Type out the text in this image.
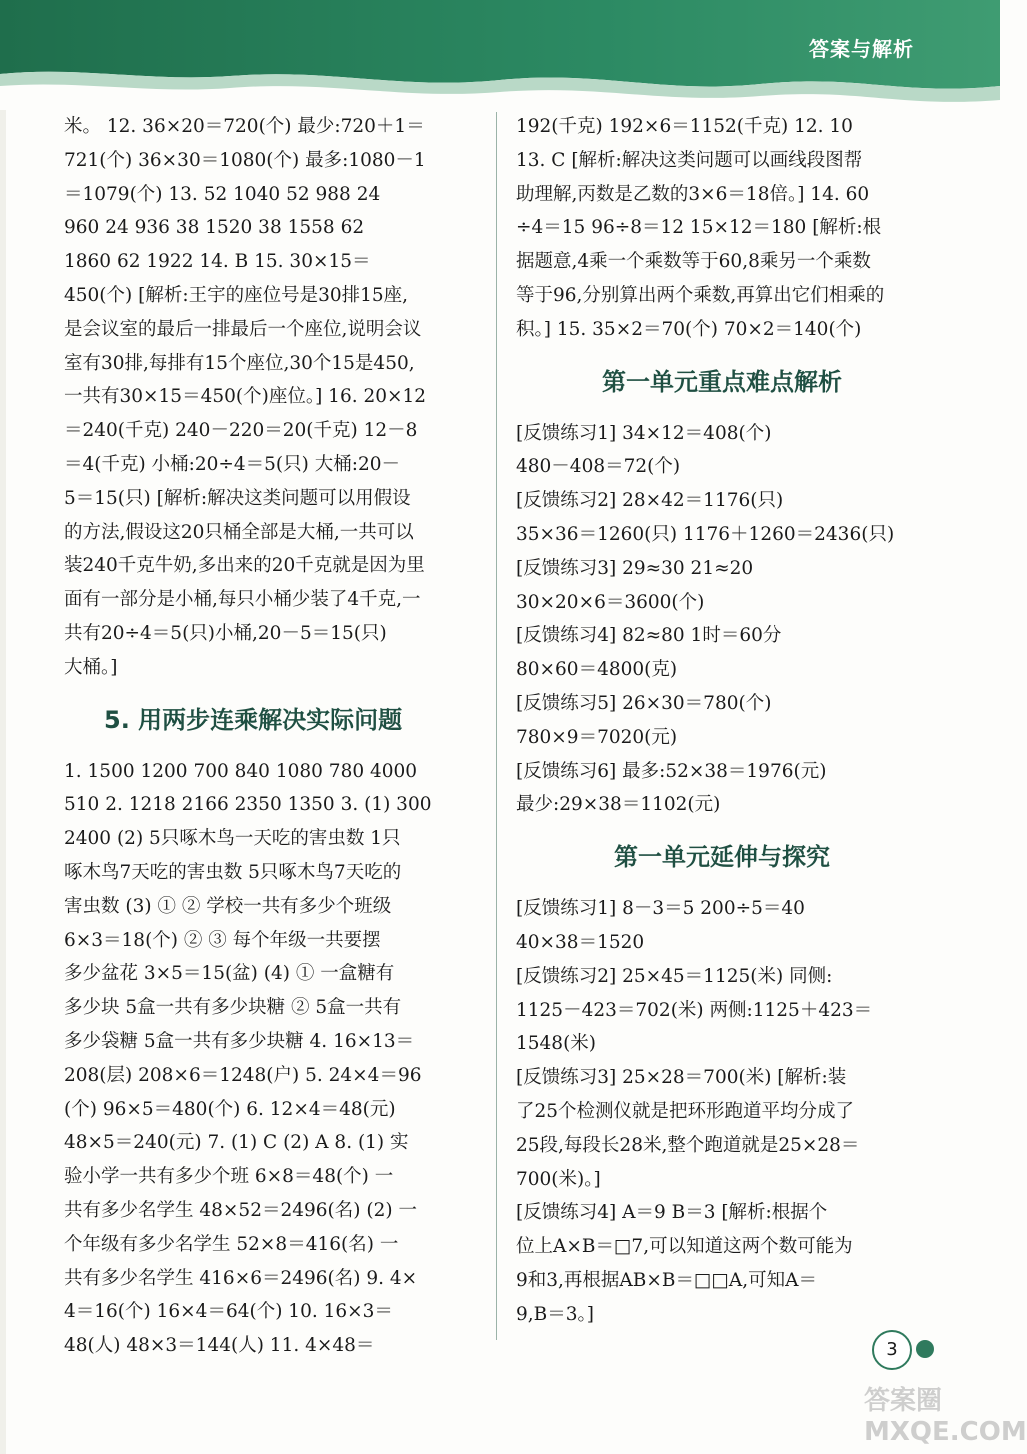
答案与解析
米。 12. 36×20＝720(个) 最少:720＋1＝
721(个) 36×30＝1080(个) 最多:1080－1
＝1079(个) 13. 52 1040 52 988 24
960 24 936 38 1520 38 1558 62
1860 62 1922 14. B 15. 30×15＝
450(个) [解析:王宇的座位号是30排15座,
是会议室的最后一排最后一个座位,说明会议
室有30排,每排有15个座位,30个15是450,
一共有30×15＝450(个)座位。] 16. 20×12
＝240(千克) 240－220＝20(千克) 12－8
＝4(千克) 小桶:20÷4＝5(只) 大桶:20－
5＝15(只) [解析:解决这类问题可以用假设
的方法,假设这20只桶全部是大桶,一共可以
装240千克牛奶,多出来的20千克就是因为里
面有一部分是小桶,每只小桶少装了4千克,一
共有20÷4＝5(只)小桶,20－5＝15(只)
大桶。]
5. 用两步连乘解决实际问题
1. 1500 1200 700 840 1080 780 4000
510 2. 1218 2166 2350 1350 3. (1) 300
2400 (2) 5只啄木鸟一天吃的害虫数 1只
啄木鸟7天吃的害虫数 5只啄木鸟7天吃的
害虫数 (3) ① ② 学校一共有多少个班级
6×3＝18(个) ② ③ 每个年级一共要摆
多少盆花 3×5＝15(盆) (4) ① 一盒糖有
多少块 5盒一共有多少块糖 ② 5盒一共有
多少袋糖 5盒一共有多少块糖 4. 16×13＝
208(层) 208×6＝1248(户) 5. 24×4＝96
(个) 96×5＝480(个) 6. 12×4＝48(元)
48×5＝240(元) 7. (1) C (2) A 8. (1) 实
验小学一共有多少个班 6×8＝48(个) 一
共有多少名学生 48×52＝2496(名) (2) 一
个年级有多少名学生 52×8＝416(名) 一
共有多少名学生 416×6＝2496(名) 9. 4×
4＝16(个) 16×4＝64(个) 10. 16×3＝
48(人) 48×3＝144(人) 11. 4×48＝
192(千克) 192×6＝1152(千克) 12. 10
13. C [解析:解决这类问题可以画线段图帮
助理解,丙数是乙数的3×6＝18倍。] 14. 60
÷4＝15 96÷8＝12 15×12＝180 [解析:根
据题意,4乘一个乘数等于60,8乘另一个乘数
等于96,分别算出两个乘数,再算出它们相乘的
积。] 15. 35×2＝70(个) 70×2＝140(个)
第一单元重点难点解析
[反馈练习1] 34×12＝408(个)
480－408＝72(个)
[反馈练习2] 28×42＝1176(只)
35×36＝1260(只) 1176＋1260＝2436(只)
[反馈练习3] 29≈30 21≈20
30×20×6＝3600(个)
[反馈练习4] 82≈80 1时＝60分
80×60＝4800(克)
[反馈练习5] 26×30＝780(个)
780×9＝7020(元)
[反馈练习6] 最多:52×38＝1976(元)
最少:29×38＝1102(元)
第一单元延伸与探究
[反馈练习1] 8－3＝5 200÷5＝40
40×38＝1520
[反馈练习2] 25×45＝1125(米) 同侧:
1125－423＝702(米) 两侧:1125＋423＝
1548(米)
[反馈练习3] 25×28＝700(米) [解析:装
了25个检测仪就是把环形跑道平均分成了
25段,每段长28米,整个跑道就是25×28＝
700(米)。]
[反馈练习4] A＝9 B＝3 [解析:根据个
位上A×B＝□7,可以知道这两个数可能为
9和3,再根据AB×B＝□□A,可知A＝
9,B＝3。]
3
答案圈 MXQE.COM
